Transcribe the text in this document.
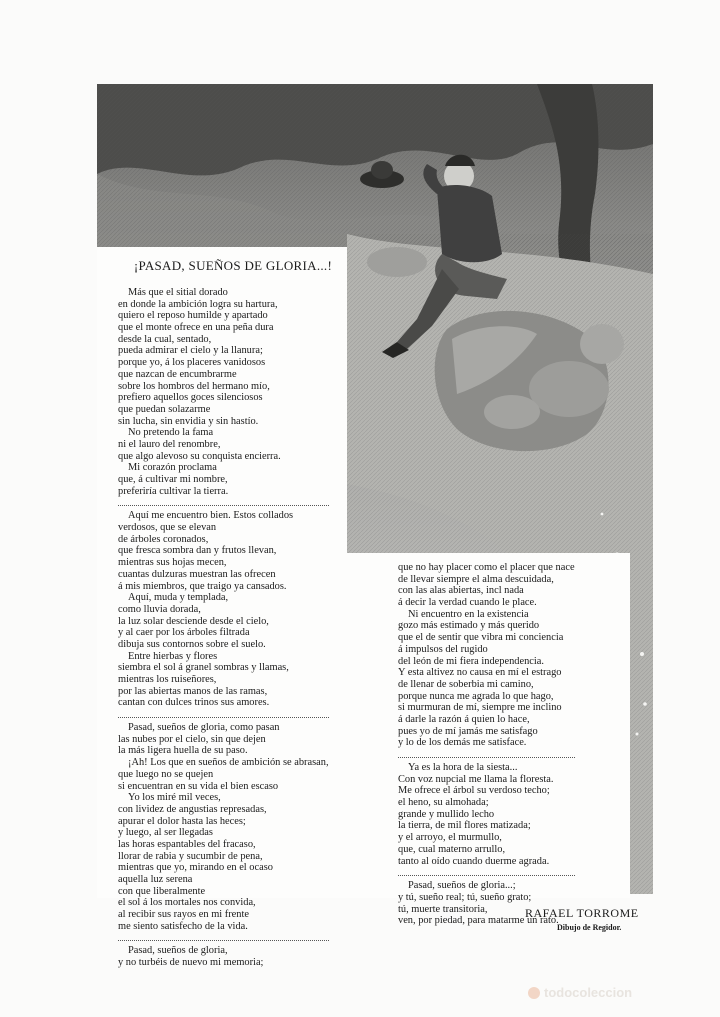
¡PASAD, SUEÑOS DE GLORIA...!
Más que el sitial dorado
en donde la ambición logra su hartura,
quiero el reposo humilde y apartado
que el monte ofrece en una peña dura
desde la cual, sentado,
pueda admirar el cielo y la llanura;
porque yo, á los placeres vanidosos
que nazcan de encumbrarme
sobre los hombros del hermano mío,
prefiero aquellos goces silenciosos
que puedan solazarme
sin lucha, sin envidia y sin hastío.
No pretendo la fama
ni el lauro del renombre,
que algo alevoso su conquista encierra.
Mi corazón proclama
que, á cultivar mi nombre,
preferiría cultivar la tierra.
Aquí me encuentro bien. Estos collados
verdosos, que se elevan
de árboles coronados,
que fresca sombra dan y frutos llevan,
mientras sus hojas mecen,
cuantas dulzuras muestran las ofrecen
á mis miembros, que traigo ya cansados.
Aquí, muda y templada,
como lluvia dorada,
la luz solar desciende desde el cielo,
y al caer por los árboles filtrada
dibuja sus contornos sobre el suelo.
Entre hierbas y flores
siembra el sol á granel sombras y llamas,
mientras los ruiseñores,
por las abiertas manos de las ramas,
cantan con dulces trinos sus amores.
Pasad, sueños de gloria, como pasan
las nubes por el cielo, sin que dejen
la más ligera huella de su paso.
¡Ah! Los que en sueños de ambición se abrasan,
que luego no se quejen
si encuentran en su vida el bien escaso
Yo los miré mil veces,
con lividez de angustias represadas,
apurar el dolor hasta las heces;
y luego, al ser llegadas
las horas espantables del fracaso,
llorar de rabia y sucumbir de pena,
mientras que yo, mirando en el ocaso
aquella luz serena
con que liberalmente
el sol á los mortales nos convida,
al recibir sus rayos en mi frente
me siento satisfecho de la vida.
Pasad, sueños de gloria,
y no turbéis de nuevo mi memoria;
que no hay placer como el placer que nace
de llevar siempre el alma descuidada,
con las alas abiertas, incl nada
á decir la verdad cuando le place.
Ni encuentro en la existencia
gozo más estimado y más querido
que el de sentir que vibra mi conciencia
á impulsos del rugido
del león de mi fiera independencia.
Y esta altivez no causa en mí el estrago
de llenar de soberbia mi camino,
porque nunca me agrada lo que hago,
si murmuran de mí, siempre me inclino
á darle la razón á quien lo hace,
pues yo de mí jamás me satisfago
y lo de los demás me satisface.
Ya es la hora de la siesta...
Con voz nupcial me llama la floresta.
Me ofrece el árbol su verdoso techo;
el heno, su almohada;
grande y mullido lecho
la tierra, de mil flores matizada;
y el arroyo, el murmullo,
que, cual materno arrullo,
tanto al oído cuando duerme agrada.
Pasad, sueños de gloria...;
y tú, sueño real; tú, sueño grato;
tú, muerte transitoria,
ven, por piedad, para matarme un rato.
RAFAEL TORROME
Dibujo de Regidor.
todocoleccion
